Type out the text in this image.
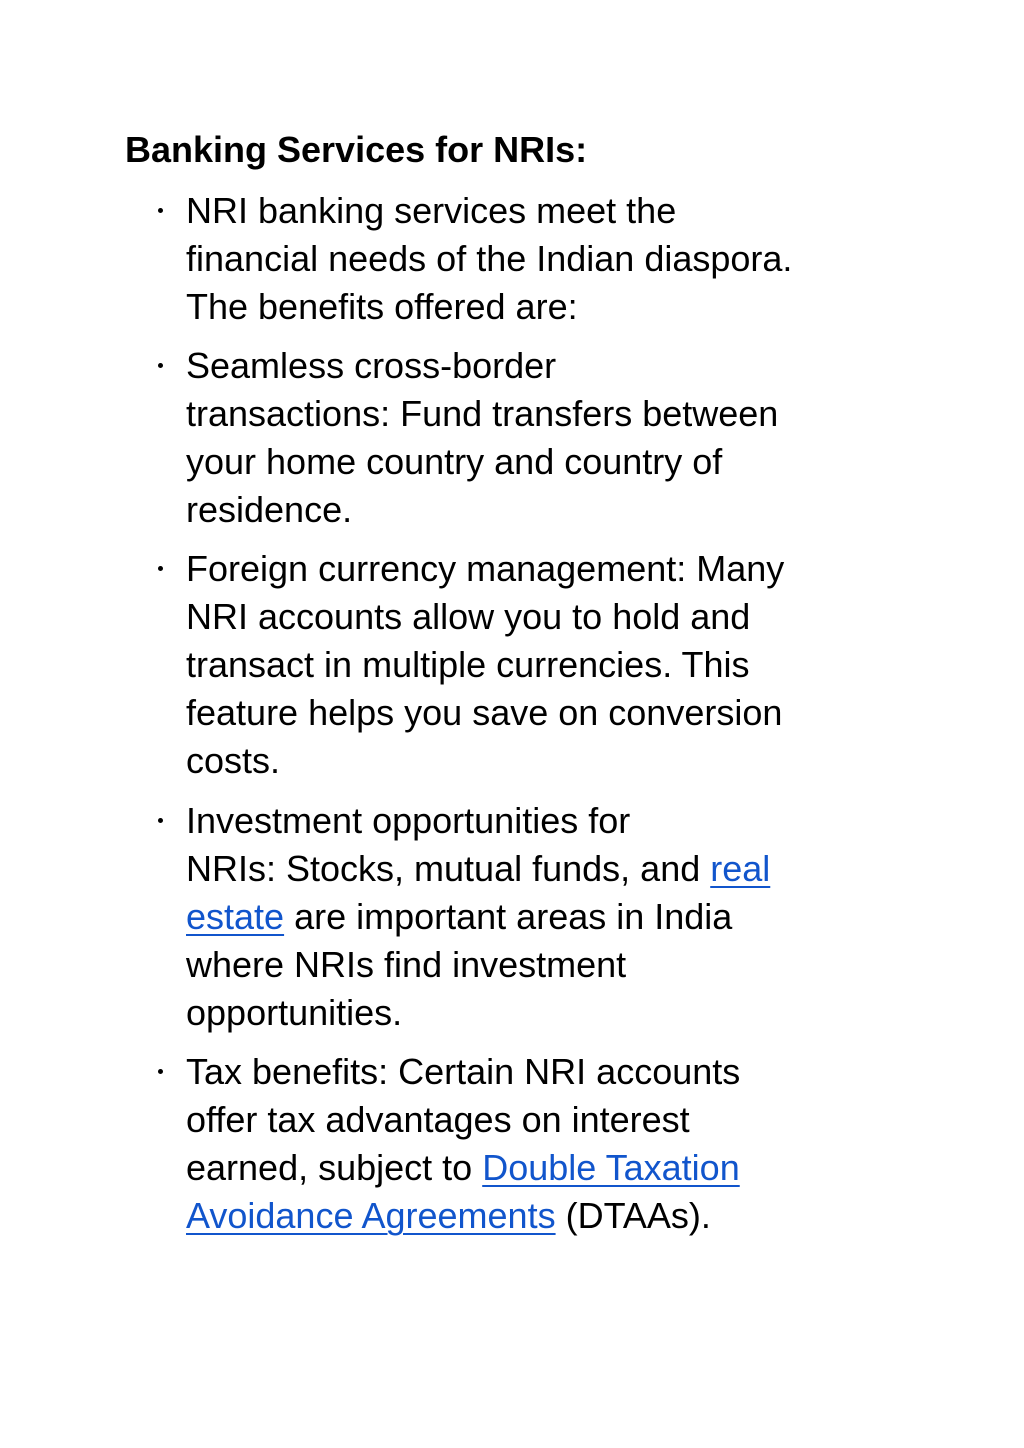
Banking Services for NRIs:
NRI banking services meet the
financial needs of the Indian diaspora.
The benefits offered are:
Seamless cross-border
transactions: Fund transfers between
your home country and country of
residence.
Foreign currency management: Many
NRI accounts allow you to hold and
transact in multiple currencies. This
feature helps you save on conversion
costs.
Investment opportunities for
NRIs: Stocks, mutual funds, and real
estate are important areas in India
where NRIs find investment
opportunities.
Tax benefits: Certain NRI accounts
offer tax advantages on interest
earned, subject to Double Taxation
Avoidance Agreements (DTAAs).
